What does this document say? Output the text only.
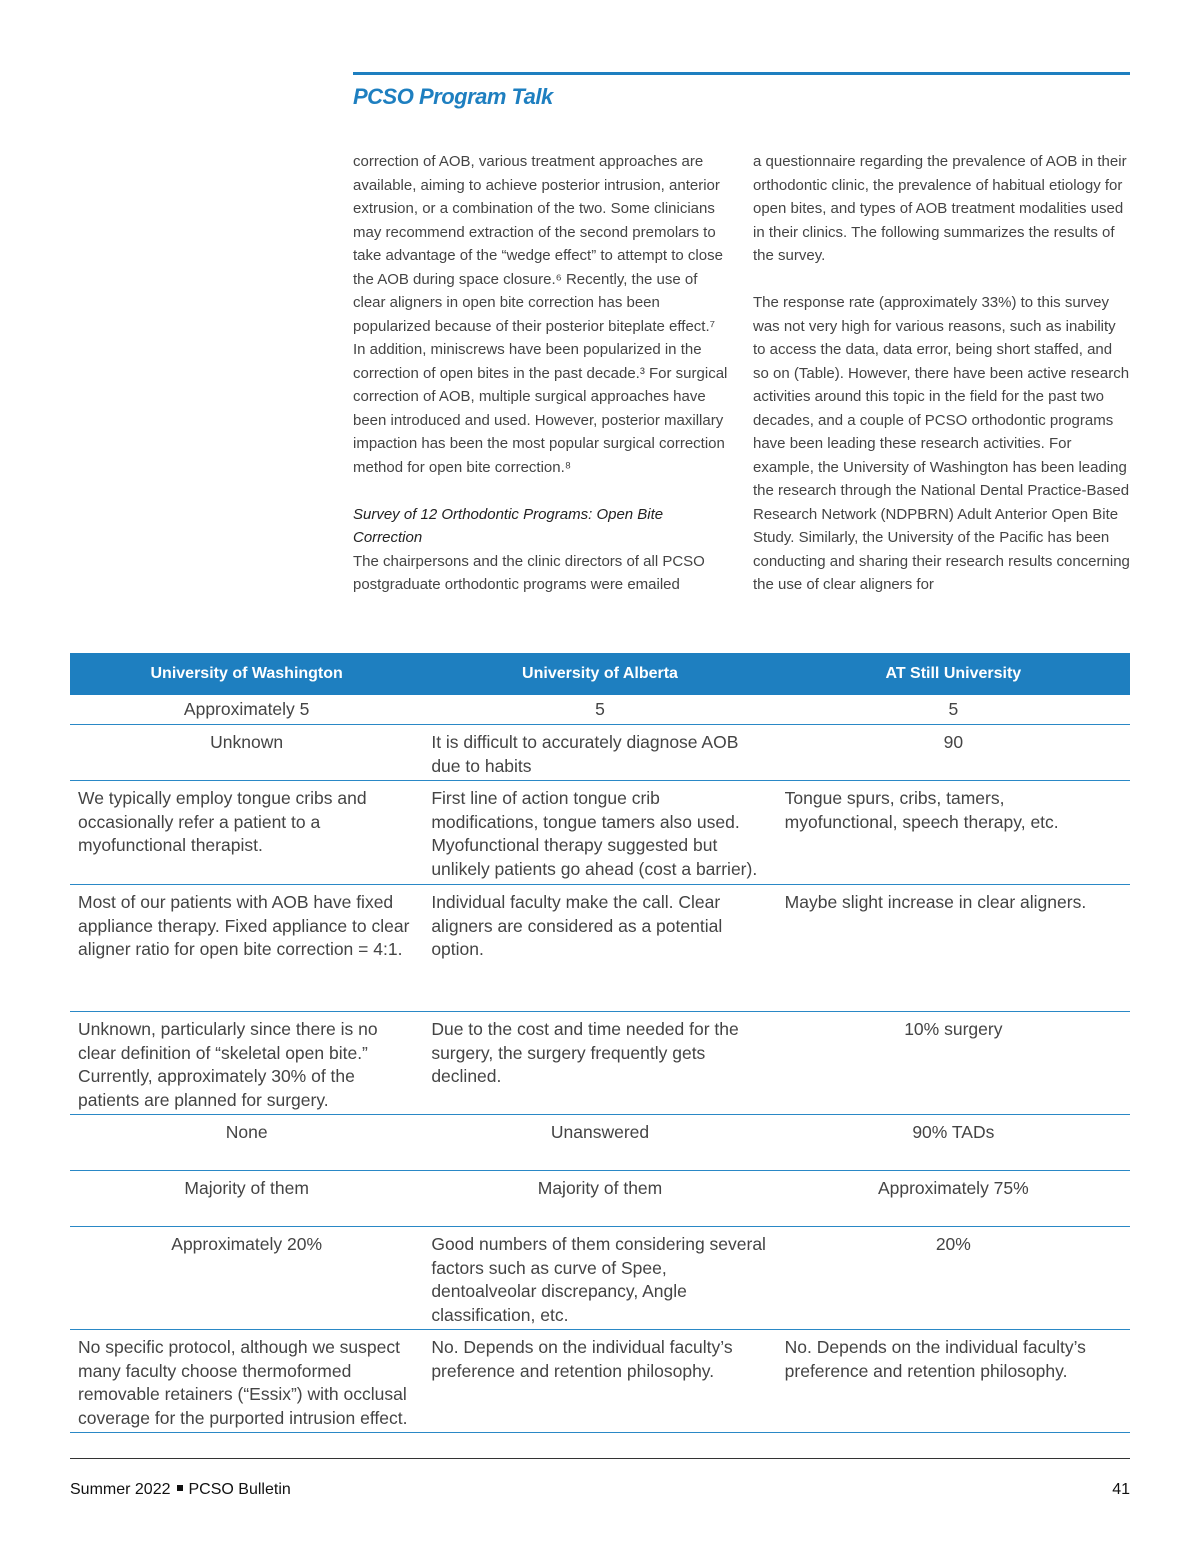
PCSO Program Talk

correction of AOB, various treatment approaches are available, aiming to achieve posterior intrusion, anterior extrusion, or a combination of the two. Some clinicians may recommend extraction of the second premolars to take advantage of the “wedge effect” to attempt to close the AOB during space closure.⁶ Recently, the use of clear aligners in open bite correction has been popularized because of their posterior biteplate effect.⁷ In addition, miniscrews have been popularized in the correction of open bites in the past decade.³ For surgical correction of AOB, multiple surgical approaches have been introduced and used. However, posterior maxillary impaction has been the most popular surgical correction method for open bite correction.⁸

Survey of 12 Orthodontic Programs: Open Bite Correction

The chairpersons and the clinic directors of all PCSO postgraduate orthodontic programs were emailed

a questionnaire regarding the prevalence of AOB in their orthodontic clinic, the prevalence of habitual etiology for open bites, and types of AOB treatment modalities used in their clinics. The following summarizes the results of the survey.

The response rate (approximately 33%) to this survey was not very high for various reasons, such as inability to access the data, data error, being short staffed, and so on (Table). However, there have been active research activities around this topic in the field for the past two decades, and a couple of PCSO orthodontic programs have been leading these research activities. For example, the University of Washington has been leading the research through the National Dental Practice-Based Research Network (NDPBRN) Adult Anterior Open Bite Study. Similarly, the University of the Pacific has been conducting and sharing their research results concerning the use of clear aligners for

University of Washington	University of Alberta	AT Still University
Approximately 5	5	5
Unknown	It is difficult to accurately diagnose AOB due to habits	90
We typically employ tongue cribs and occasionally refer a patient to a myofunctional therapist.	First line of action tongue crib modifications, tongue tamers also used. Myofunctional therapy suggested but unlikely patients go ahead (cost a barrier).	Tongue spurs, cribs, tamers, myofunctional, speech therapy, etc.
Most of our patients with AOB have fixed appliance therapy. Fixed appliance to clear aligner ratio for open bite correction = 4:1.	Individual faculty make the call. Clear aligners are considered as a potential option.	Maybe slight increase in clear aligners.
Unknown, particularly since there is no clear definition of “skeletal open bite.” Currently, approximately 30% of the patients are planned for surgery.	Due to the cost and time needed for the surgery, the surgery frequently gets declined.	10% surgery
None	Unanswered	90% TADs
Majority of them	Majority of them	Approximately 75%
Approximately 20%	Good numbers of them considering several factors such as curve of Spee, dentoalveolar discrepancy, Angle classification, etc.	20%
No specific protocol, although we suspect many faculty choose thermoformed removable retainers (“Essix”) with occlusal coverage for the purported intrusion effect.	No. Depends on the individual faculty’s preference and retention philosophy.	No. Depends on the individual faculty’s preference and retention philosophy.
Summer 2022 PCSO Bulletin	41
